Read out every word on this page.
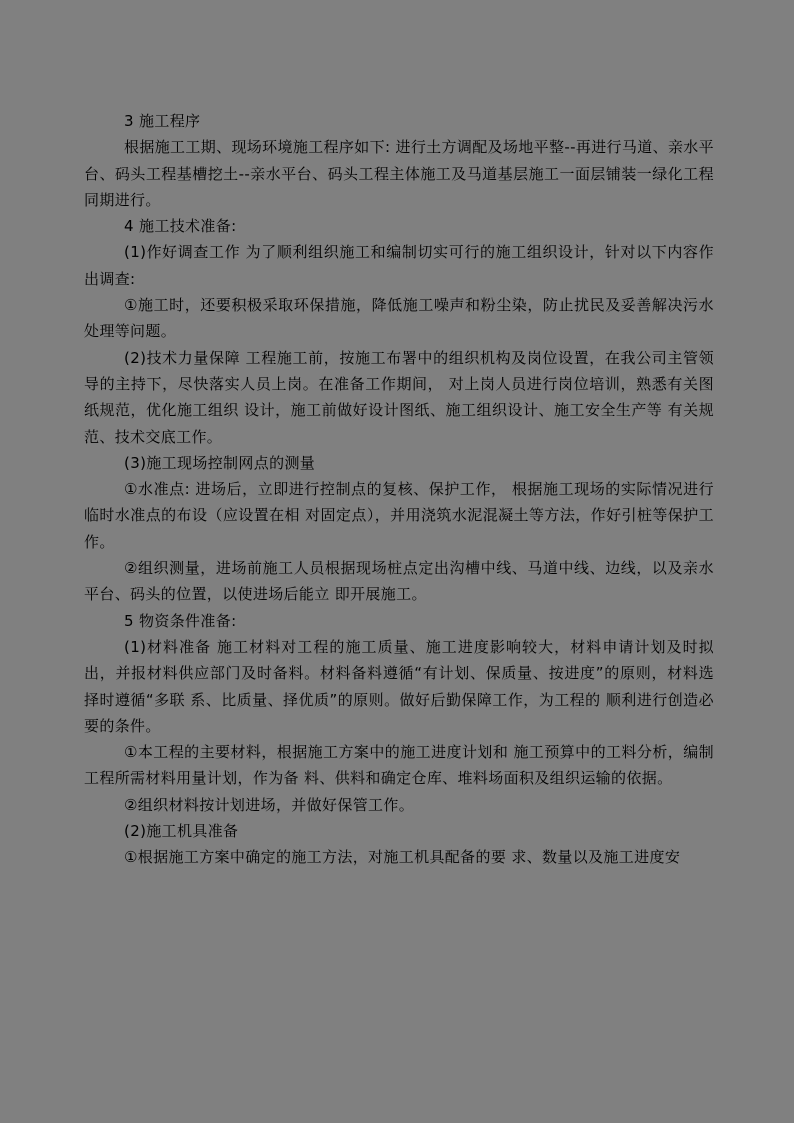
3 施工程序

根据施工工期、现场环境施工程序如下: 进行土方调配及场地平整--再进行马道、亲水平台、码头工程基槽挖土--亲水平台、码头工程主体施工及马道基层施工一面层铺装一绿化工程同期进行。

4 施工技术准备:

(1)作好调查工作 为了顺利组织施工和编制切实可行的施工组织设计，针对以下内容作出调查:

①施工时，还要积极采取环保措施，降低施工噪声和粉尘染，防止扰民及妥善解决污水处理等问题。

(2)技术力量保障 工程施工前，按施工布署中的组织机构及岗位设置，在我公司主管领导的主持下，尽快落实人员上岗。在准备工作期间， 对上岗人员进行岗位培训，熟悉有关图纸规范，优化施工组织 设计，施工前做好设计图纸、施工组织设计、施工安全生产等 有关规范、技术交底工作。

(3)施工现场控制网点的测量

①水准点: 进场后，立即进行控制点的复核、保护工作， 根据施工现场的实际情况进行临时水准点的布设（应设置在相 对固定点），并用浇筑水泥混凝土等方法，作好引桩等保护工 作。

②组织测量，进场前施工人员根据现场桩点定出沟槽中线、马道中线、边线，以及亲水平台、码头的位置，以使进场后能立 即开展施工。

5 物资条件准备:

(1)材料准备 施工材料对工程的施工质量、施工进度影响较大，材料申请计划及时拟出，并报材料供应部门及时备料。材料备料遵循“有计划、保质量、按进度”的原则，材料选择时遵循“多联 系、比质量、择优质”的原则。做好后勤保障工作，为工程的 顺利进行创造必要的条件。

①本工程的主要材料，根据施工方案中的施工进度计划和 施工预算中的工料分析，编制工程所需材料用量计划，作为备 料、供料和确定仓库、堆料场面积及组织运输的依据。

②组织材料按计划进场，并做好保管工作。

(2)施工机具准备

①根据施工方案中确定的施工方法，对施工机具配备的要 求、数量以及施工进度安
